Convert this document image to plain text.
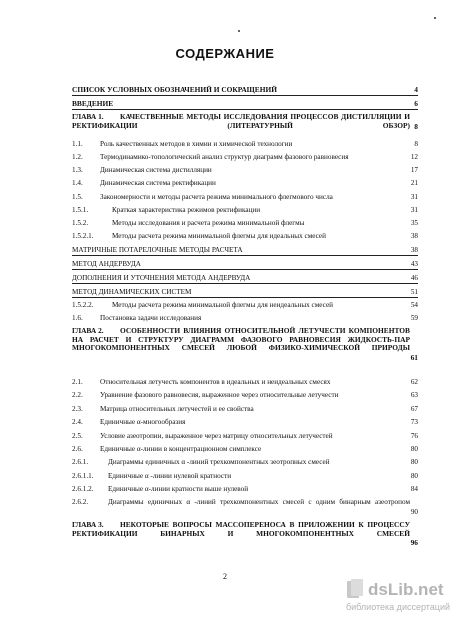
СОДЕРЖАНИЕ
СПИСОК УСЛОВНЫХ ОБОЗНАЧЕНИЙ И СОКРАЩЕНИЙ	4
ВВЕДЕНИЕ	6
ГЛАВА 1.	КАЧЕСТВЕННЫЕ МЕТОДЫ ИССЛЕДОВАНИЯ ПРОЦЕССОВ ДИСТИЛЛЯЦИИ И РЕКТИФИКАЦИИ (ЛИТЕРАТУРНЫЙ ОБЗОР) 8
1.1. Роль качественных методов в химии и химической технологии	8
1.2. Термодинамико-топологический анализ структур диаграмм фазового равновесия	12
1.3. Динамическая система дистилляции	17
1.4. Динамическая система ректификации	21
1.5. Закономерности и методы расчета режима минимального флегмового числа	31
1.5.1.	Краткая характеристика режимов ректификации	31
1.5.2.	Методы исследования и расчета режима минимальной флегмы	35
1.5.2.1.	Методы расчета режима минимальной флегмы для идеальных смесей	38
МАТРИЧНЫЕ ПОТАРЕЛОЧНЫЕ МЕТОДЫ РАСЧЕТА	38
МЕТОД АНДЕРВУДА	43
ДОПОЛНЕНИЯ И УТОЧНЕНИЯ МЕТОДА АНДЕРВУДА	46
МЕТОД ДИНАМИЧЕСКИХ СИСТЕМ	51
1.5.2.2.	Методы расчета режима минимальной флегмы для неидеальных смесей	54
1.6. Постановка задачи исследования	59
ГЛАВА 2.	ОСОБЕННОСТИ ВЛИЯНИЯ ОТНОСИТЕЛЬНОЙ ЛЕТУЧЕСТИ КОМПОНЕНТОВ НА РАСЧЕТ И СТРУКТУРУ ДИАГРАММ ФАЗОВОГО РАВНОВЕСИЯ ЖИДКОСТЬ-ПАР МНОГОКОМПОНЕНТНЫХ СМЕСЕЙ ЛЮБОЙ ФИЗИКО-ХИМИЧЕСКОЙ ПРИРОДЫ
61
2.1. Относительная летучесть компонентов в идеальных и неидеальных смесях	62
2.2. Уравнение фазового равновесия, выраженное через относительные летучести	63
2.3. Матрица относительных летучестей и ее свойства	67
2.4. Единичные α-многообразия	73
2.5. Условие азеотропии, выраженное через матрицу относительных летучестей	76
2.6. Единичные α-линии в концентрационном симплексе	80
2.6.1.	Диаграммы единичных α -линий трехкомпонентных зеотропных смесей	80
2.6.1.1. Единичные α -линии нулевой кратности	80
2.6.1.2. Единичные α-линии кратности выше нулевой	84
2.6.2.	Диаграммы единичных α -линий трехкомпонентных смесей с одним бинарным азеотропом
90
ГЛАВА 3.	НЕКОТОРЫЕ ВОПРОСЫ МАССОПЕРЕНОСА В ПРИЛОЖЕНИИ К ПРОЦЕССУ РЕКТИФИКАЦИИ БИНАРНЫХ И МНОГОКОМПОНЕНТНЫХ СМЕСЕЙ
96
2
dsLib.net
библиотека диссертаций
